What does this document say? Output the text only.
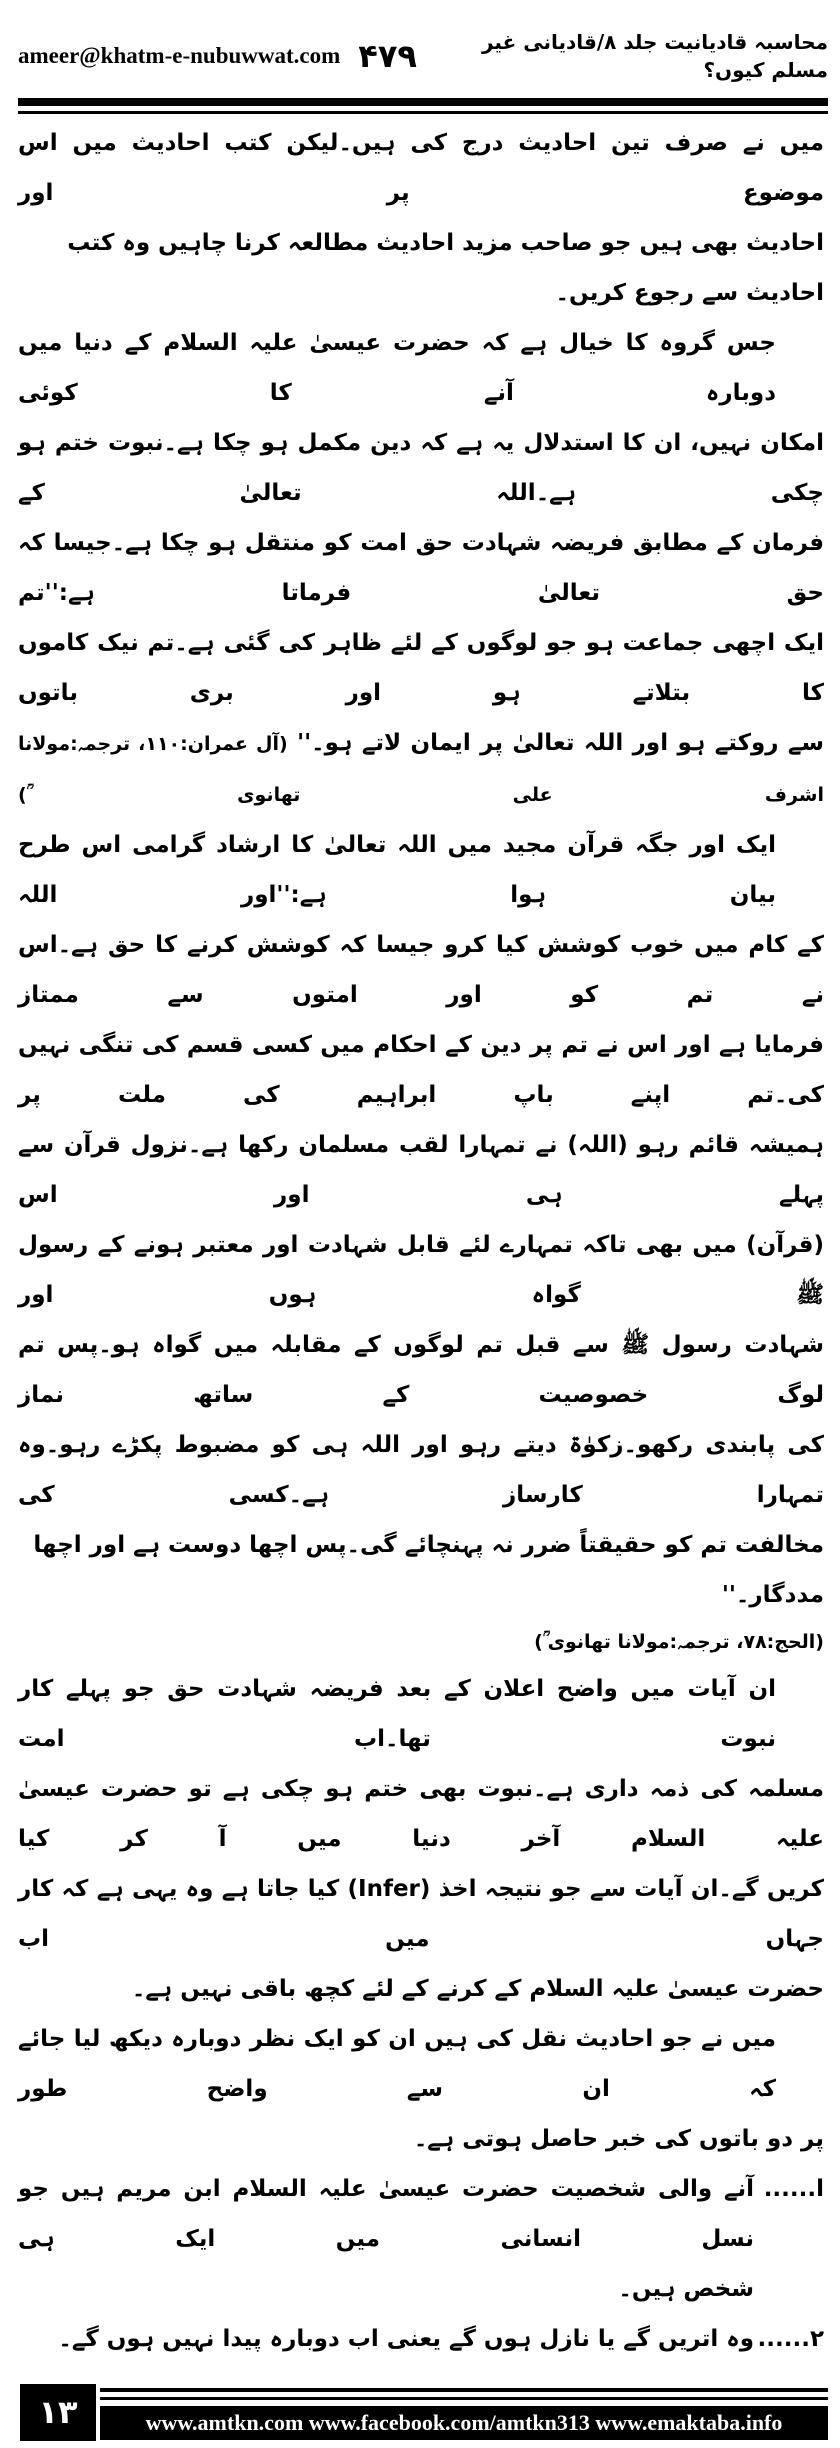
ameer@khatm-e-nubuwwat.com ۴۷۹	محاسبہ قادیانیت جلد ۸/قادیانی غیر مسلم کیوں؟
میں نے صرف تین احادیث درج کی ہیں۔لیکن کتب احادیث میں اس موضوع پر اور
احادیث بھی ہیں جو صاحب مزید احادیث مطالعہ کرنا چاہیں وہ کتب احادیث سے رجوع کریں۔
جس گروہ کا خیال ہے کہ حضرت عیسیٰ علیہ السلام کے دنیا میں دوبارہ آنے کا کوئی
امکان نہیں، ان کا استدلال یہ ہے کہ دین مکمل ہو چکا ہے۔نبوت ختم ہو چکی ہے۔اللہ تعالیٰ کے
فرمان کے مطابق فریضہ شہادت حق امت کو منتقل ہو چکا ہے۔جیسا کہ حق تعالیٰ فرماتا ہے:''تم
ایک اچھی جماعت ہو جو لوگوں کے لئے ظاہر کی گئی ہے۔تم نیک کاموں کا بتلاتے ہو اور بری باتوں
سے روکتے ہو اور اللہ تعالیٰ پر ایمان لاتے ہو۔'' (آل عمران:۱۱۰، ترجمہ:مولانا اشرف علی تھانوی ؒ)
ایک اور جگہ قرآن مجید میں اللہ تعالیٰ کا ارشاد گرامی اس طرح بیان ہوا ہے:''اور اللہ
کے کام میں خوب کوشش کیا کرو جیسا کہ کوشش کرنے کا حق ہے۔اس نے تم کو اور امتوں سے ممتاز
فرمایا ہے اور اس نے تم پر دین کے احکام میں کسی قسم کی تنگی نہیں کی۔تم اپنے باپ ابراہیم کی ملت پر
ہمیشہ قائم رہو (اللہ) نے تمہارا لقب مسلمان رکھا ہے۔نزول قرآن سے پہلے ہی اور اس
(قرآن) میں بھی تاکہ تمہارے لئے قابل شہادت اور معتبر ہونے کے رسول ﷺ گواہ ہوں اور
شہادت رسول ﷺ سے قبل تم لوگوں کے مقابلہ میں گواہ ہو۔پس تم لوگ خصوصیت کے ساتھ نماز
کی پابندی رکھو۔زکوٰۃ دیتے رہو اور اللہ ہی کو مضبوط پکڑے رہو۔وہ تمہارا کارساز ہے۔کسی کی
مخالفت تم کو حقیقتاً ضرر نہ پہنچائے گی۔پس اچھا دوست ہے اور اچھا مددگار۔''
(الحج:۷۸، ترجمہ:مولانا تھانوی ؒ)
ان آیات میں واضح اعلان کے بعد فریضہ شہادت حق جو پہلے کار نبوت تھا۔اب امت
مسلمہ کی ذمہ داری ہے۔نبوت بھی ختم ہو چکی ہے تو حضرت عیسیٰ علیہ السلام آخر دنیا میں آ کر کیا
کریں گے۔ان آیات سے جو نتیجہ اخذ (Infer) کیا جاتا ہے وہ یہی ہے کہ کار جہاں میں اب
حضرت عیسیٰ علیہ السلام کے کرنے کے لئے کچھ باقی نہیں ہے۔
میں نے جو احادیث نقل کی ہیں ان کو ایک نظر دوبارہ دیکھ لیا جائے کہ ان سے واضح طور
پر دو باتوں کی خبر حاصل ہوتی ہے۔
ا......
آنے والی شخصیت حضرت عیسیٰ علیہ السلام ابن مریم ہیں جو نسل انسانی میں ایک ہی
شخص ہیں۔
۲......
وہ اتریں گے یا نازل ہوں گے یعنی اب دوبارہ پیدا نہیں ہوں گے۔
۱۳	www.amtkn.com www.facebook.com/amtkn313 www.emaktaba.info
